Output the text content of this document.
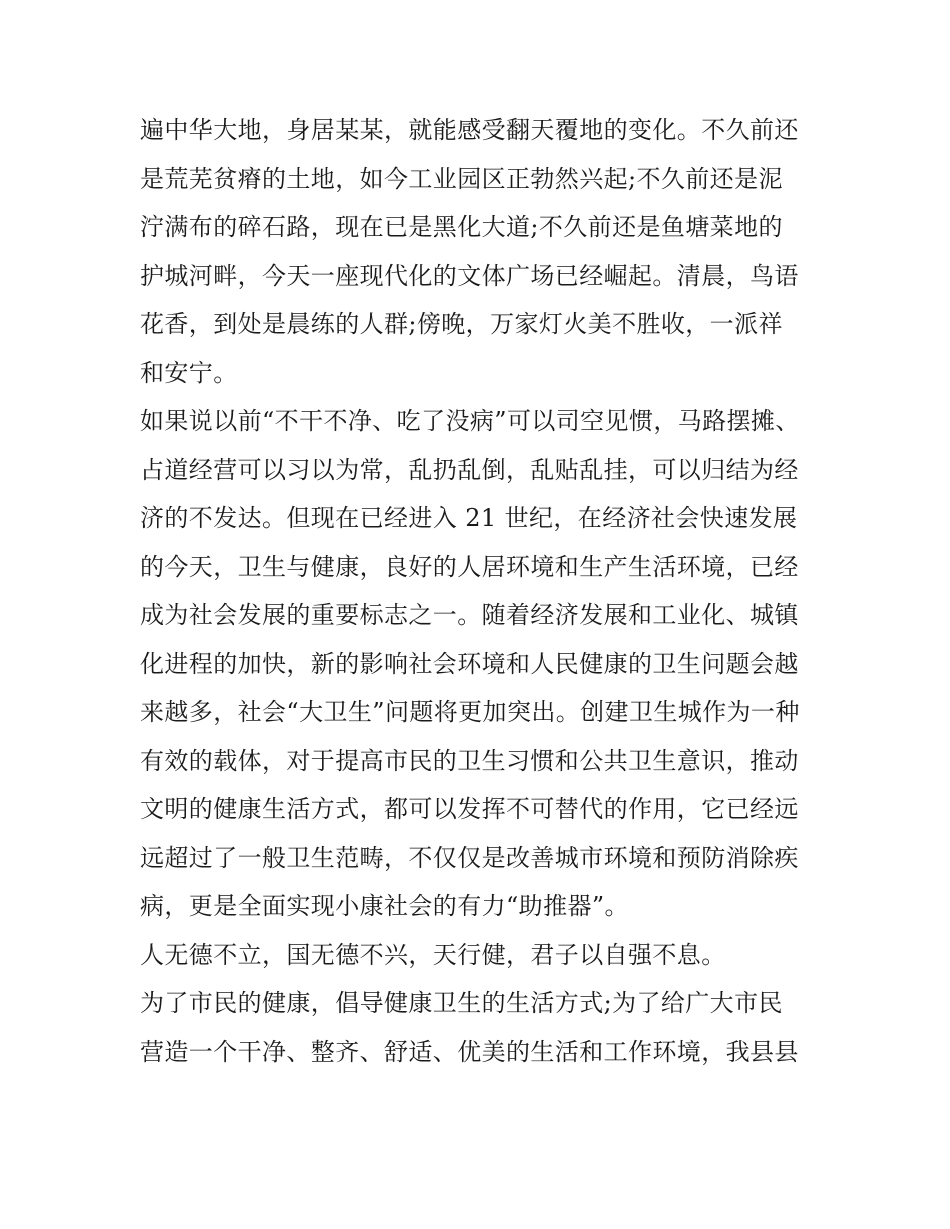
遍中华大地，身居某某，就能感受翻天覆地的变化。不久前还
是荒芜贫瘠的土地，如今工业园区正勃然兴起;不久前还是泥
泞满布的碎石路，现在已是黑化大道;不久前还是鱼塘菜地的
护城河畔，今天一座现代化的文体广场已经崛起。清晨，鸟语
花香，到处是晨练的人群;傍晚，万家灯火美不胜收，一派祥
和安宁。
如果说以前“不干不净、吃了没病”可以司空见惯，马路摆摊、
占道经营可以习以为常，乱扔乱倒，乱贴乱挂，可以归结为经
济的不发达。但现在已经进入 21 世纪，在经济社会快速发展
的今天，卫生与健康，良好的人居环境和生产生活环境，已经
成为社会发展的重要标志之一。随着经济发展和工业化、城镇
化进程的加快，新的影响社会环境和人民健康的卫生问题会越
来越多，社会“大卫生”问题将更加突出。创建卫生城作为一种
有效的载体，对于提高市民的卫生习惯和公共卫生意识，推动
文明的健康生活方式，都可以发挥不可替代的作用，它已经远
远超过了一般卫生范畴，不仅仅是改善城市环境和预防消除疾
病，更是全面实现小康社会的有力“助推器”。
人无德不立，国无德不兴，天行健，君子以自强不息。
为了市民的健康，倡导健康卫生的生活方式;为了给广大市民
营造一个干净、整齐、舒适、优美的生活和工作环境，我县县
